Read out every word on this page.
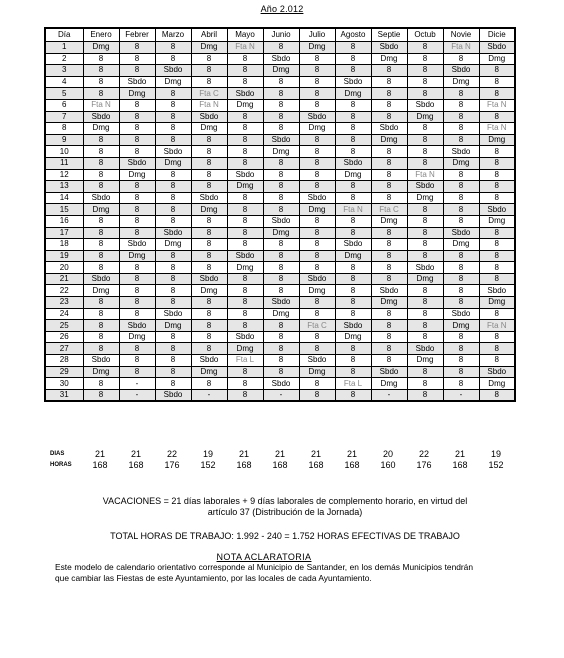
Año 2.012
Día	Enero	Febrer	Marzo	Abril	Mayo	Junio	Julio	Agosto	Septie	Octub	Novie	Dicie
1	Dmg	8	8	Dmg	Fta N	8	Dmg	8	Sbdo	8	Fta N	Sbdo
2	8	8	8	8	8	Sbdo	8	8	Dmg	8	8	Dmg
3	8	8	Sbdo	8	8	Dmg	8	8	8	8	Sbdo	8
4	8	Sbdo	Dmg	8	8	8	8	Sbdo	8	8	Dmg	8
5	8	Dmg	8	Fta C	Sbdo	8	8	Dmg	8	8	8	8
6	Fta N	8	8	Fta N	Dmg	8	8	8	8	Sbdo	8	Fta N
7	Sbdo	8	8	Sbdo	8	8	Sbdo	8	8	Dmg	8	8
8	Dmg	8	8	Dmg	8	8	Dmg	8	Sbdo	8	8	Fta N
9	8	8	8	8	8	Sbdo	8	8	Dmg	8	8	Dmg
10	8	8	Sbdo	8	8	Dmg	8	8	8	8	Sbdo	8
11	8	Sbdo	Dmg	8	8	8	8	Sbdo	8	8	Dmg	8
12	8	Dmg	8	8	Sbdo	8	8	Dmg	8	Fta N	8	8
13	8	8	8	8	Dmg	8	8	8	8	Sbdo	8	8
14	Sbdo	8	8	Sbdo	8	8	Sbdo	8	8	Dmg	8	8
15	Dmg	8	8	Dmg	8	8	Dmg	Fta N	Fta C	8	8	Sbdo
16	8	8	8	8	8	Sbdo	8	8	Dmg	8	8	Dmg
17	8	8	Sbdo	8	8	Dmg	8	8	8	8	Sbdo	8
18	8	Sbdo	Dmg	8	8	8	8	Sbdo	8	8	Dmg	8
19	8	Dmg	8	8	Sbdo	8	8	Dmg	8	8	8	8
20	8	8	8	8	Dmg	8	8	8	8	Sbdo	8	8
21	Sbdo	8	8	Sbdo	8	8	Sbdo	8	8	Dmg	8	8
22	Dmg	8	8	Dmg	8	8	Dmg	8	Sbdo	8	8	Sbdo
23	8	8	8	8	8	Sbdo	8	8	Dmg	8	8	Dmg
24	8	8	Sbdo	8	8	Dmg	8	8	8	8	Sbdo	8
25	8	Sbdo	Dmg	8	8	8	Fta C	Sbdo	8	8	Dmg	Fta N
26	8	Dmg	8	8	Sbdo	8	8	Dmg	8	8	8	8
27	8	8	8	8	Dmg	8	8	8	8	Sbdo	8	8
28	Sbdo	8	8	Sbdo	Fta L	8	Sbdo	8	8	Dmg	8	8
29	Dmg	8	8	Dmg	8	8	Dmg	8	Sbdo	8	8	Sbdo
30	8	-	8	8	8	Sbdo	8	Fta L	Dmg	8	8	Dmg
31	8	-	Sbdo	-	8	-	8	8	-	8	-	8
DIAS	21	21	22	19	21	21	21	21	20	22	21	19
HORAS	168	168	176	152	168	168	168	168	160	176	168	152
VACACIONES = 21 días laborales + 9 días laborales de complemento horario, en virtud del
artículo 37 (Distribución de la Jornada)
TOTAL HORAS DE TRABAJO: 1.992 - 240 = 1.752 HORAS EFECTIVAS DE TRABAJO
NOTA ACLARATORIA
Este modelo de calendario orientativo corresponde al Municipio de Santander, en los demás Municipios tendrán que cambiar las Fiestas de este Ayuntamiento, por las locales de cada Ayuntamiento.
